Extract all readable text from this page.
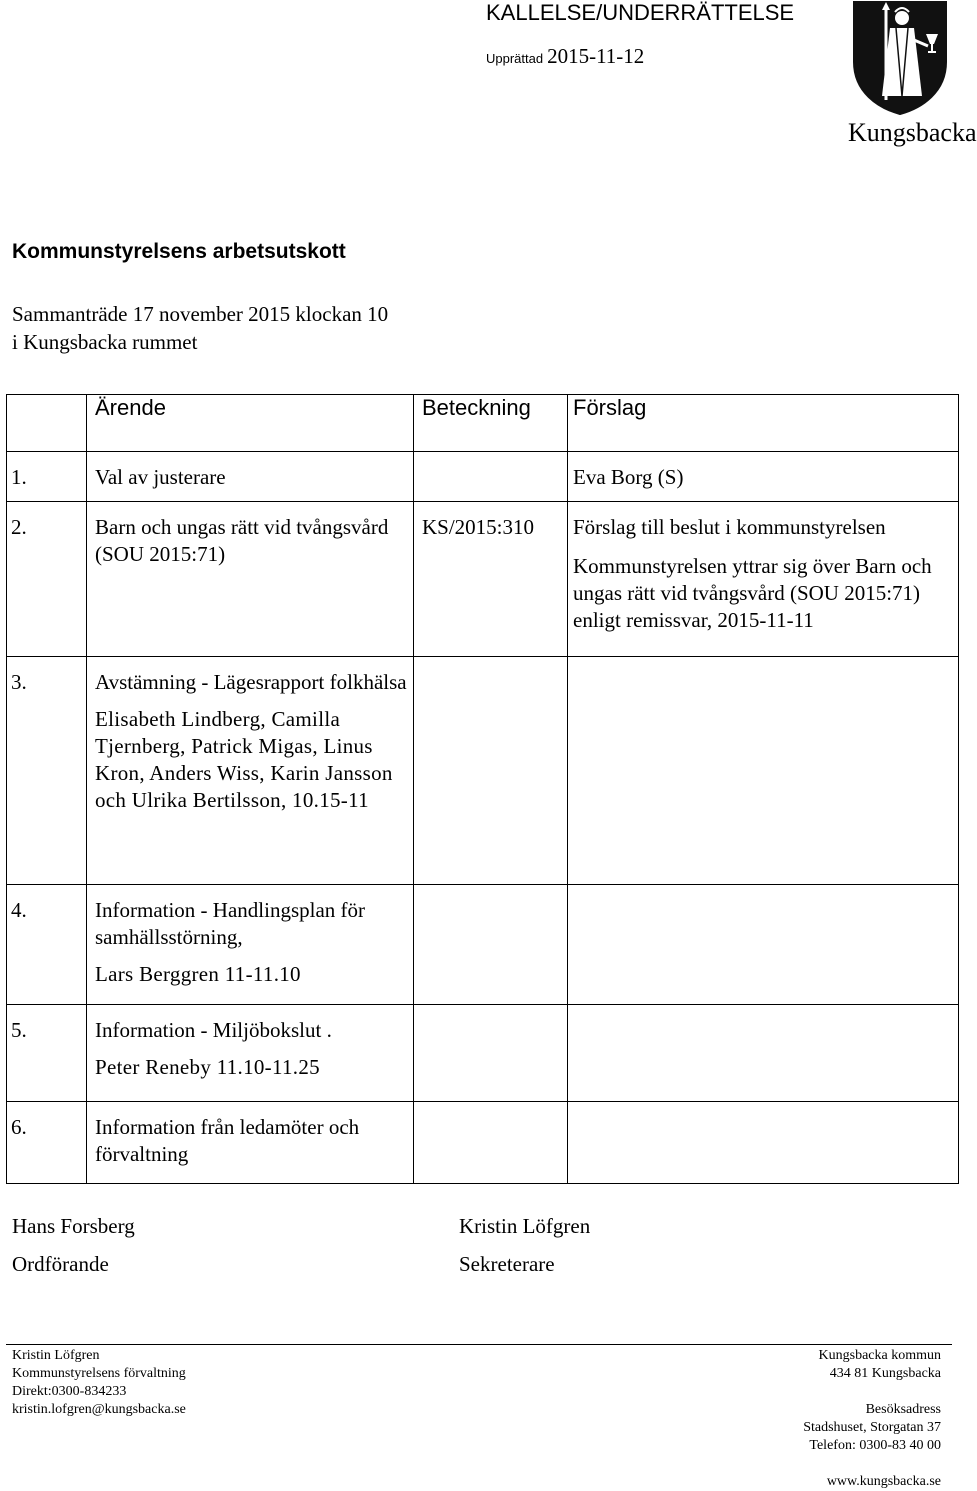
KALLELSE/UNDERRÄTTELSE
Upprättad 2015-11-12
Kungsbacka
Kommunstyrelsens arbetsutskott
Sammanträde 17 november 2015 klockan 10
i Kungsbacka rummet
	Ärende	Beteckning	Förslag
1.	Val av justerare		Eva Borg (S)
2.	Barn och ungas rätt vid tvångsvård (SOU 2015:71)	KS/2015:310	Förslag till beslut i kommunstyrelsen
Kommunstyrelsen yttrar sig över Barn och ungas rätt vid tvångsvård (SOU 2015:71) enligt remissvar, 2015-11-11

3.	Avstämning - Lägesrapport folkhälsa
Elisabeth Lindberg, Camilla Tjernberg, Patrick Migas, Linus Kron, Anders Wiss, Karin Jansson och Ulrika Bertilsson, 10.15-11		

4.	Information - Handlingsplan för samhällsstörning,
Lars Berggren 11-11.10		

5.	Information - Miljöbokslut .
Peter Reneby 11.10-11.25		

6.	Information från ledamöter och förvaltning		
Hans Forsberg
Ordförande
Kristin Löfgren
Sekreterare
Kristin Löfgren
Kommunstyrelsens förvaltning
Direkt:0300-834233
kristin.lofgren@kungsbacka.se
Kungsbacka kommun
434 81 Kungsbacka
Besöksadress
Stadshuset, Storgatan 37
Telefon: 0300-83 40 00
www.kungsbacka.se
